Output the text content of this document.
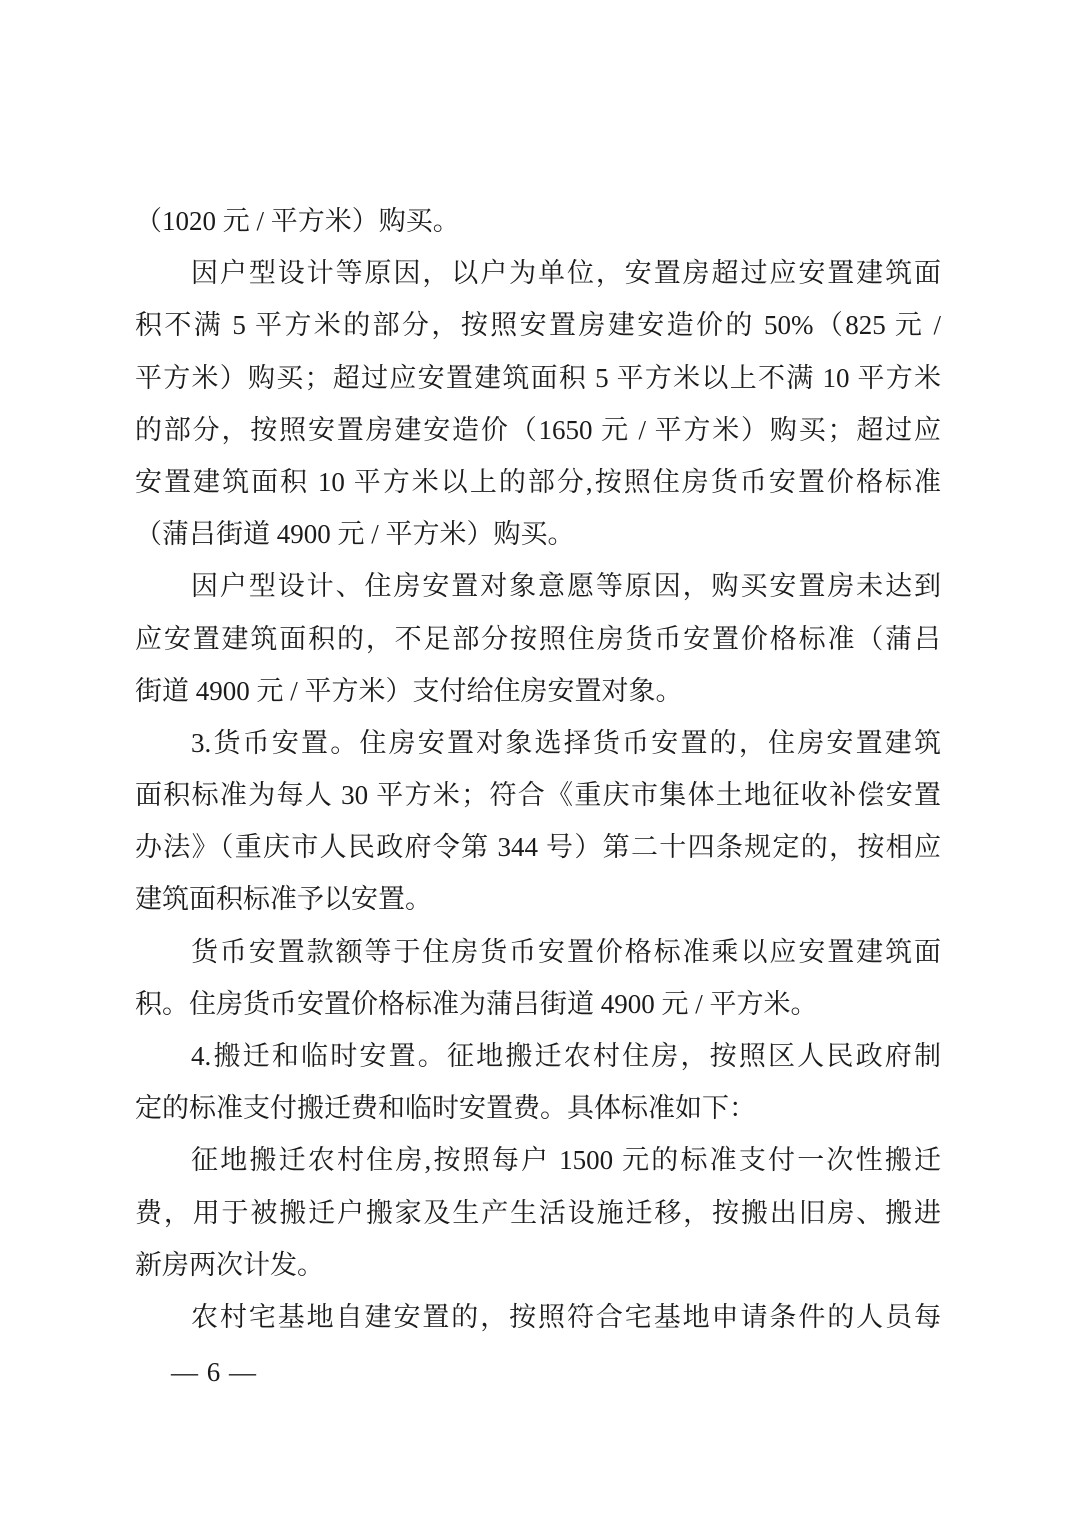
（1020 元 / 平方米）购买。

因户型设计等原因，以户为单位，安置房超过应安置建筑面

积不满 5 平方米的部分，按照安置房建安造价的 50%（825 元 /

平方米）购买；超过应安置建筑面积 5 平方米以上不满 10 平方米

的部分，按照安置房建安造价（1650 元 / 平方米）购买；超过应

安置建筑面积 10 平方米以上的部分,按照住房货币安置价格标准

（蒲吕街道 4900 元 / 平方米）购买。

因户型设计、住房安置对象意愿等原因，购买安置房未达到

应安置建筑面积的，不足部分按照住房货币安置价格标准（蒲吕

街道 4900 元 / 平方米）支付给住房安置对象。

3.货币安置。住房安置对象选择货币安置的，住房安置建筑

面积标准为每人 30 平方米；符合《重庆市集体土地征收补偿安置

办法》（重庆市人民政府令第 344 号）第二十四条规定的，按相应

建筑面积标准予以安置。

货币安置款额等于住房货币安置价格标准乘以应安置建筑面

积。住房货币安置价格标准为蒲吕街道 4900 元 / 平方米。

4.搬迁和临时安置。征地搬迁农村住房，按照区人民政府制

定的标准支付搬迁费和临时安置费。具体标准如下：

征地搬迁农村住房,按照每户 1500 元的标准支付一次性搬迁

费，用于被搬迁户搬家及生产生活设施迁移，按搬出旧房、搬进

新房两次计发。

农村宅基地自建安置的，按照符合宅基地申请条件的人员每

— 6 —
